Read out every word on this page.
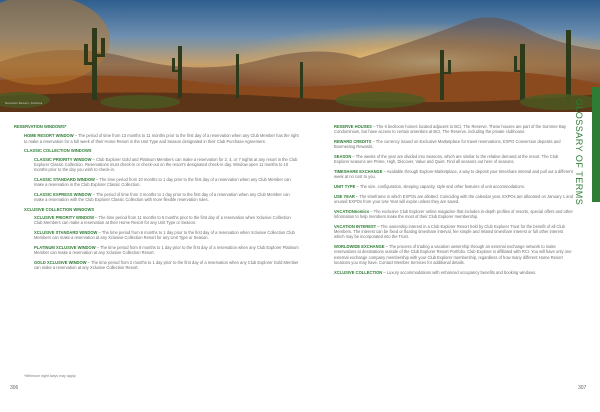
Sonoran Desert, Arizona
RESERVATION WINDOWS*
HOME RESORT WINDOW – The period of time from 13 months to 11 months prior to the first day of a reservation when any Club Member has the right to make a reservation for a full week of their Home Resort in the Unit Type and Season designated in their Club Purchase Agreement.
CLASSIC COLLECTION WINDOWS
CLASSIC PRIORITY WINDOW – Club Explorer Gold and Platinum Members can make a reservation for 2, 4, or 7 nights at any resort in the Club Explorer Classic Collection. Reservations must check-in or check-out on the resort's designated check-in day. Window open 11 months to 10 months prior to the day you wish to check-in.
CLASSIC STANDARD WINDOW – The time period from 10 months to 1 day prior to the first day of a reservation when any Club Member can make a reservation in the Club Explorer Classic Collection.
CLASSIC EXPRESS WINDOW – The period of time from 3 months to 1 day prior to the first day of a reservation when any Club Member can make a reservation with the Club Explorer Classic Collection with more flexible reservation rules.
XCLUSIVE COLLECTION WINDOWS
XCLUSIVE PRIORITY WINDOW – The time period from 11 months to 6 months prior to the first day of a reservation when Xclusive Collection Club Members can make a reservation at their Home Resort for any Unit Type or Season.
XCLUSIVE STANDARD WINDOW – The time period from 6 months to 1 day prior to the first day of a reservation when Xclusive Collection Club Members can make a reservation at any Xclusive Collection Resort for any Unit Type or Season.
PLATINUM XCLUSIVE WINDOW – The time period from 8 months to 1 day prior to the first day of a reservation when any Club Explorer Platinum Member can make a reservation at any Xclusive Collection Resort.
GOLD XCLUSIVE WINDOW – The time period from 2 months to 1 day prior to the first day of a reservation when any Club Explorer Gold Member can make a reservation at any Xclusive Collection Resort.
*Minimum night stays may apply.
306
RESERVE HOUSES – The 6 bedroom homes located adjacent to BCI, The Reserve. These houses are part of the Summer Bay Condominium, but have access to certain amenities at BCI, The Reserve, including the private clubhouse.
REWARD CREDITS – The currency issued on Exclusive Marketplace for travel reservations, EXPO Conversion deposits and Boomerang Rewards.
SEASON – The weeks of the year are divided into Seasons, which are similar to the relative demand at the resort. The Club Explorer seasons are Prime, High, Discover, Value and Quiet. Find all seasons out here of seasons.
TIMESHARE EXCHANGE – Available through Explore Marketplace, a way to deposit your timeshare interval and pull out a different week at no cost to you.
UNIT TYPE – The size, configuration, sleeping capacity, style and other features of unit accommodations.
USE YEAR – The timeframe in which EXPOs are allotted. Coinciding with the calendar year, EXPOs are allocated on January 1 and unused EXPOs from your Use Year will expire unless they are saved.
VACATIONnomics – The exclusive Club Explorer online magazine that includes in-depth profiles of resorts, special offers and other information to help members make the most of their Club Explorer membership.
VACATION INTEREST – The ownership interest in a Club Explorer Resort held by Club Explorer Trust for the benefit of all Club Members. The interest can be fixed or floating timeshare interval, fee simple and related timeshare interest or full other interest which may be incorporated into the Trust.
WORLDWIDE EXCHANGE – The process of trading a vacation ownership through an external exchange network to make reservations at destinations outside of the Club Explorer Resort Portfolio. Club Explorer is affiliated with RCI. You will have only one external exchange company membership with your Club Explorer membership, regardless of how many different Home Resort locations you may have. Contact Member Services for additional details.
XCLUSIVE COLLECTION – Luxury accommodations with enhanced occupancy benefits and booking windows.
GLOSSARY OF TERMS
307
